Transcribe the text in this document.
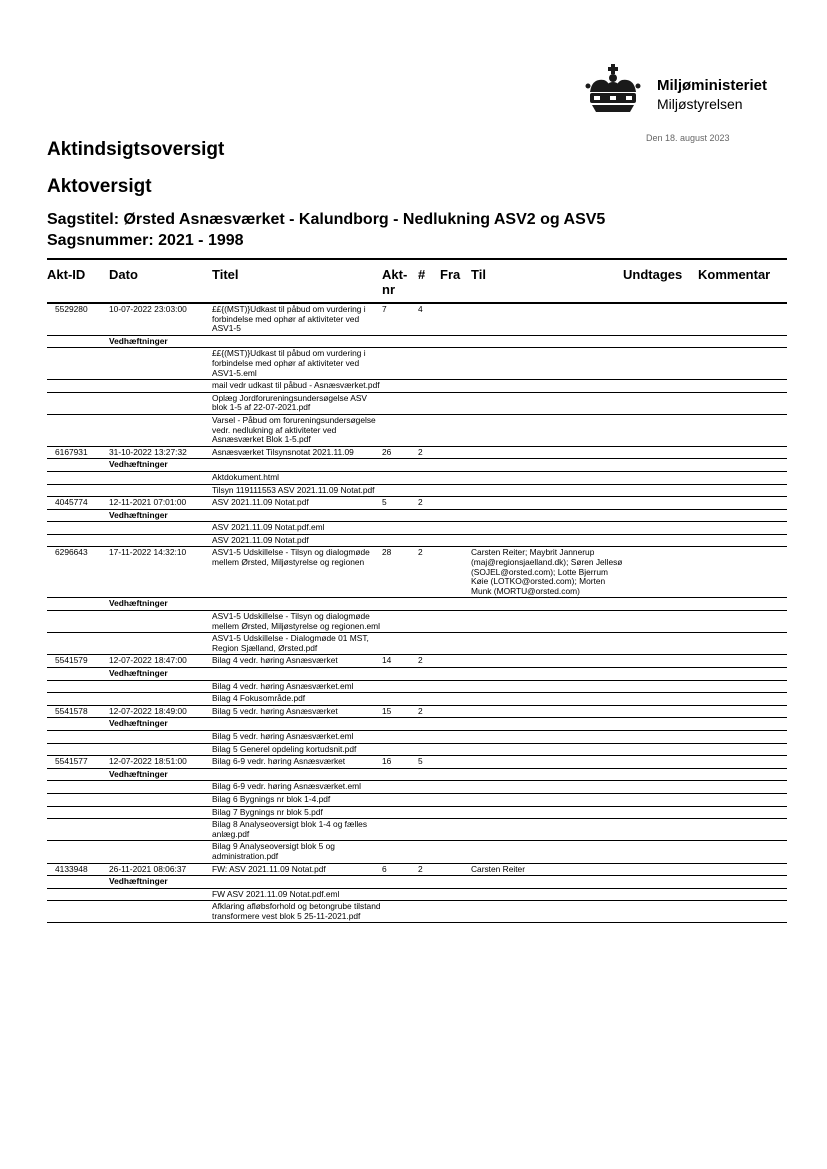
Miljøministeriet
Miljøstyrelsen
Den 18. august 2023
Aktindsigtsoversigt
Aktoversigt
Sagstitel: Ørsted Asnæsværket - Kalundborg - Nedlukning ASV2 og ASV5
Sagsnummer: 2021 - 1998
Akt-ID	Dato	Titel	Akt-nr	#	Fra	Til	Undtages	Kommentar
5529280	10-07-2022 23:03:00	££{(MST)}Udkast til påbud om vurdering i forbindelse med ophør af aktiviteter ved ASV1-5	7	4				
	Vedhæftninger							
		££{(MST)}Udkast til påbud om vurdering i forbindelse med ophør af aktiviteter ved ASV1-5.eml						
		mail vedr udkast til påbud - Asnæsværket.pdf						
		Oplæg Jordforureningsundersøgelse ASV blok 1-5 af 22-07-2021.pdf						
		Varsel - Påbud om forureningsundersøgelse vedr. nedlukning af aktiviteter ved Asnæsværket Blok 1-5.pdf						
6167931	31-10-2022 13:27:32	Asnæsværket Tilsynsnotat 2021.11.09	26	2				
	Vedhæftninger							
		Aktdokument.html						
		Tilsyn 119111553 ASV 2021.11.09 Notat.pdf						
4045774	12-11-2021 07:01:00	ASV 2021.11.09 Notat.pdf	5	2				
	Vedhæftninger							
		ASV 2021.11.09 Notat.pdf.eml						
		ASV 2021.11.09 Notat.pdf						
6296643	17-11-2022 14:32:10	ASV1-5 Udskillelse - Tilsyn og dialogmøde mellem Ørsted, Miljøstyrelse og regionen	28	2		Carsten Reiter; Maybrit Jannerup (maj@regionsjaelland.dk); Søren Jellesø (SOJEL@orsted.com); Lotte Bjerrum Køie (LOTKO@orsted.com); Morten Munk (MORTU@orsted.com)		
	Vedhæftninger							
		ASV1-5 Udskillelse - Tilsyn og dialogmøde mellem Ørsted, Miljøstyrelse og regionen.eml						
		ASV1-5 Udskillelse - Dialogmøde 01 MST, Region Sjælland, Ørsted.pdf						
5541579	12-07-2022 18:47:00	Bilag 4 vedr. høring Asnæsværket	14	2				
	Vedhæftninger							
		Bilag 4 vedr. høring Asnæsværket.eml						
		Bilag 4 Fokusområde.pdf						
5541578	12-07-2022 18:49:00	Bilag 5 vedr. høring Asnæsværket	15	2				
	Vedhæftninger							
		Bilag 5 vedr. høring Asnæsværket.eml						
		Bilag 5 Generel opdeling kortudsnit.pdf						
5541577	12-07-2022 18:51:00	Bilag 6-9 vedr. høring Asnæsværket	16	5				
	Vedhæftninger							
		Bilag 6-9 vedr. høring Asnæsværket.eml						
		Bilag 6 Bygnings nr blok 1-4.pdf						
		Bilag 7 Bygnings nr blok 5.pdf						
		Bilag 8 Analyseoversigt blok 1-4 og fælles anlæg.pdf						
		Bilag 9 Analyseoversigt blok 5 og administration.pdf						
4133948	26-11-2021 08:06:37	FW: ASV 2021.11.09 Notat.pdf	6	2		Carsten Reiter		
	Vedhæftninger							
		FW ASV 2021.11.09 Notat.pdf.eml						
		Afklaring afløbsforhold og betongrube tilstand transformere vest blok 5 25-11-2021.pdf						
